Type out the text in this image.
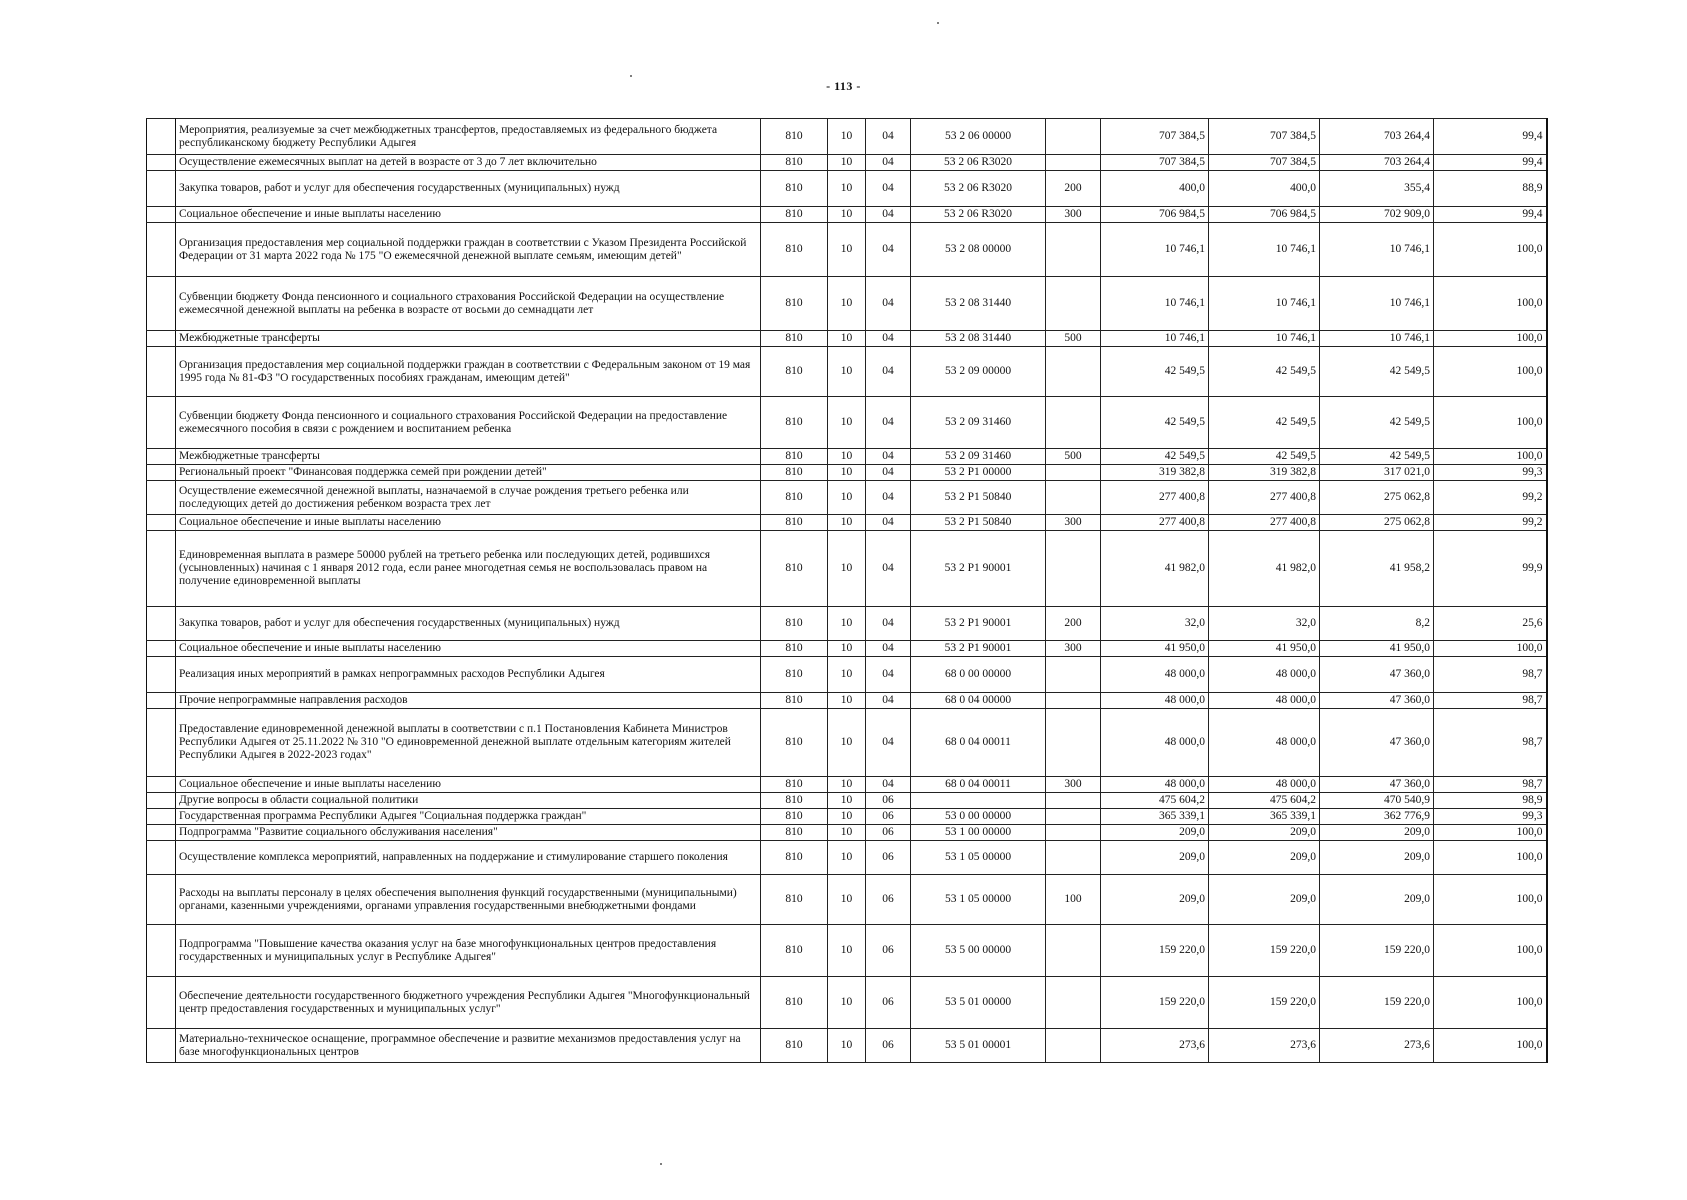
- 113 -
	Мероприятия, реализуемые за счет межбюджетных трансфертов, предоставляемых из федерального бюджета республиканскому бюджету Республики Адыгея	810	10	04	53 2 06 00000		707 384,5	707 384,5	703 264,4	99,4
	Осуществление ежемесячных выплат на детей в возрасте от 3 до 7 лет включительно	810	10	04	53 2 06 R3020		707 384,5	707 384,5	703 264,4	99,4
	Закупка товаров, работ и услуг для обеспечения государственных (муниципальных) нужд	810	10	04	53 2 06 R3020	200	400,0	400,0	355,4	88,9
	Социальное обеспечение и иные выплаты населению	810	10	04	53 2 06 R3020	300	706 984,5	706 984,5	702 909,0	99,4
	Организация предоставления мер социальной поддержки граждан в соответствии с Указом Президента Российской Федерации от 31 марта 2022 года № 175 "О ежемесячной денежной выплате семьям, имеющим детей"	810	10	04	53 2 08 00000		10 746,1	10 746,1	10 746,1	100,0
	Субвенции бюджету Фонда пенсионного и социального страхования Российской Федерации на осуществление ежемесячной денежной выплаты на ребенка в возрасте от восьми до семнадцати лет	810	10	04	53 2 08 31440		10 746,1	10 746,1	10 746,1	100,0
	Межбюджетные трансферты	810	10	04	53 2 08 31440	500	10 746,1	10 746,1	10 746,1	100,0
	Организация предоставления мер социальной поддержки граждан в соответствии с Федеральным законом от 19 мая 1995 года № 81-ФЗ "О государственных пособиях гражданам, имеющим детей"	810	10	04	53 2 09 00000		42 549,5	42 549,5	42 549,5	100,0
	Субвенции бюджету Фонда пенсионного и социального страхования Российской Федерации на предоставление ежемесячного пособия в связи с рождением и воспитанием ребенка	810	10	04	53 2 09 31460		42 549,5	42 549,5	42 549,5	100,0
	Межбюджетные трансферты	810	10	04	53 2 09 31460	500	42 549,5	42 549,5	42 549,5	100,0
	Региональный проект "Финансовая поддержка семей при рождении детей"	810	10	04	53 2 P1 00000		319 382,8	319 382,8	317 021,0	99,3
	Осуществление ежемесячной денежной выплаты, назначаемой в случае рождения третьего ребенка или последующих детей до достижения ребенком возраста трех лет	810	10	04	53 2 P1 50840		277 400,8	277 400,8	275 062,8	99,2
	Социальное обеспечение и иные выплаты населению	810	10	04	53 2 P1 50840	300	277 400,8	277 400,8	275 062,8	99,2
	Единовременная выплата в размере 50000 рублей на третьего ребенка или последующих детей, родившихся (усыновленных) начиная с 1 января 2012 года, если ранее многодетная семья не воспользовалась правом на получение единовременной выплаты	810	10	04	53 2 P1 90001		41 982,0	41 982,0	41 958,2	99,9
	Закупка товаров, работ и услуг для обеспечения государственных (муниципальных) нужд	810	10	04	53 2 P1 90001	200	32,0	32,0	8,2	25,6
	Социальное обеспечение и иные выплаты населению	810	10	04	53 2 P1 90001	300	41 950,0	41 950,0	41 950,0	100,0
	Реализация иных мероприятий в рамках непрограммных расходов Республики Адыгея	810	10	04	68 0 00 00000		48 000,0	48 000,0	47 360,0	98,7
	Прочие непрограммные направления расходов	810	10	04	68 0 04 00000		48 000,0	48 000,0	47 360,0	98,7
	Предоставление единовременной денежной выплаты в соответствии с п.1 Постановления Кабинета Министров Республики Адыгея от 25.11.2022 № 310 "О единовременной денежной выплате отдельным категориям жителей Республики Адыгея в 2022-2023 годах"	810	10	04	68 0 04 00011		48 000,0	48 000,0	47 360,0	98,7
	Социальное обеспечение и иные выплаты населению	810	10	04	68 0 04 00011	300	48 000,0	48 000,0	47 360,0	98,7
	Другие вопросы в области социальной политики	810	10	06			475 604,2	475 604,2	470 540,9	98,9
	Государственная программа Республики Адыгея "Социальная поддержка граждан"	810	10	06	53 0 00 00000		365 339,1	365 339,1	362 776,9	99,3
	Подпрограмма "Развитие социального обслуживания населения"	810	10	06	53 1 00 00000		209,0	209,0	209,0	100,0
	Осуществление комплекса мероприятий, направленных на поддержание и стимулирование старшего поколения	810	10	06	53 1 05 00000		209,0	209,0	209,0	100,0
	Расходы на выплаты персоналу в целях обеспечения выполнения функций государственными (муниципальными) органами, казенными учреждениями, органами управления государственными внебюджетными фондами	810	10	06	53 1 05 00000	100	209,0	209,0	209,0	100,0
	Подпрограмма "Повышение качества оказания услуг на базе многофункциональных центров предоставления государственных и муниципальных услуг в Республике Адыгея"	810	10	06	53 5 00 00000		159 220,0	159 220,0	159 220,0	100,0
	Обеспечение деятельности государственного бюджетного учреждения Республики Адыгея "Многофункциональный центр предоставления государственных и муниципальных услуг"	810	10	06	53 5 01 00000		159 220,0	159 220,0	159 220,0	100,0
	Материально-техническое оснащение, программное обеспечение и развитие механизмов предоставления услуг на базе многофункциональных центров	810	10	06	53 5 01 00001		273,6	273,6	273,6	100,0
